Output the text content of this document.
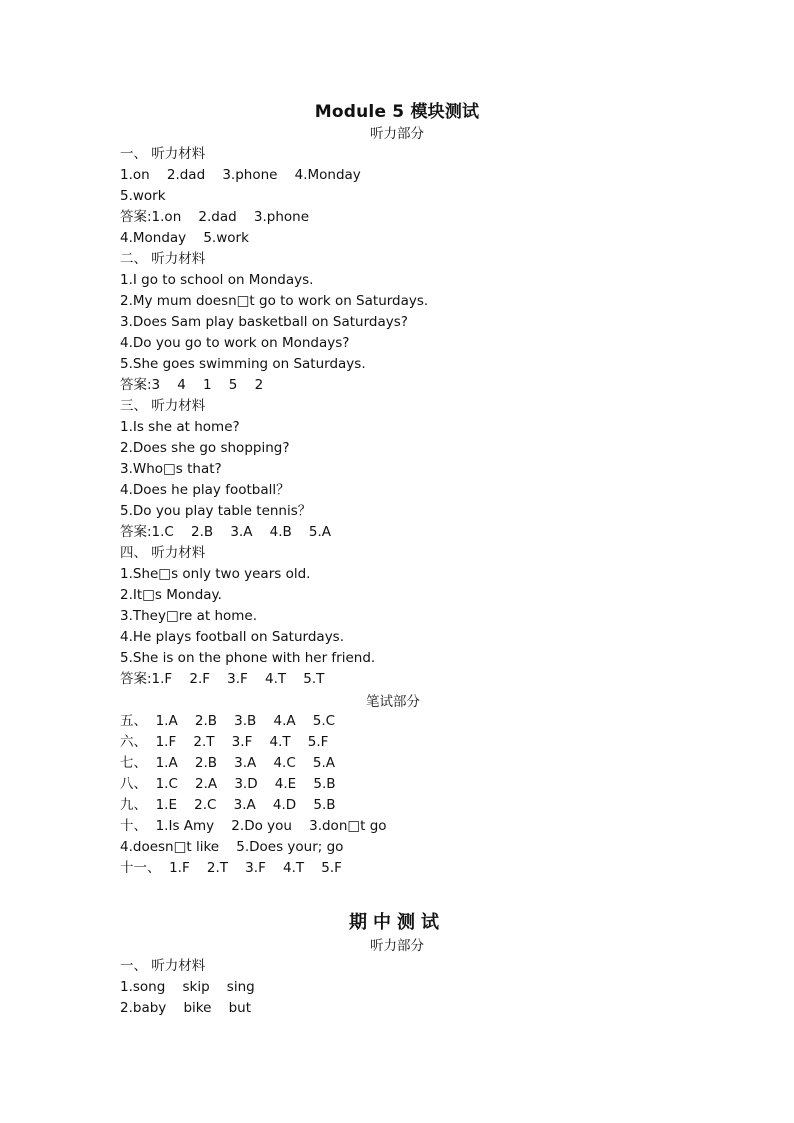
Module 5 模块测试
听力部分
一、 听力材料
1.on    2.dad    3.phone    4.Monday
5.work
答案:1.on    2.dad    3.phone
4.Monday    5.work
二、 听力材料
1.I go to school on Mondays.
2.My mum doesn□t go to work on Saturdays.
3.Does Sam play basketball on Saturdays?
4.Do you go to work on Mondays?
5.She goes swimming on Saturdays.
答案:3    4    1    5    2
三、 听力材料
1.Is she at home?
2.Does she go shopping?
3.Who□s that?
4.Does he play football？
5.Do you play table tennis？
答案:1.C    2.B    3.A    4.B    5.A
四、 听力材料
1.She□s only two years old.
2.It□s Monday.
3.They□re at home.
4.He plays football on Saturdays.
5.She is on the phone with her friend.
答案:1.F    2.F    3.F    4.T    5.T
笔试部分
五、  1.A    2.B    3.B    4.A    5.C
六、  1.F    2.T    3.F    4.T    5.F
七、  1.A    2.B    3.A    4.C    5.A
八、  1.C    2.A    3.D    4.E    5.B
九、  1.E    2.C    3.A    4.D    5.B
十、  1.Is Amy    2.Do you    3.don□t go
4.doesn□t like    5.Does your; go
十一、  1.F    2.T    3.F    4.T    5.F
期中测试
听力部分
一、 听力材料
1.song    skip    sing
2.baby    bike    but
